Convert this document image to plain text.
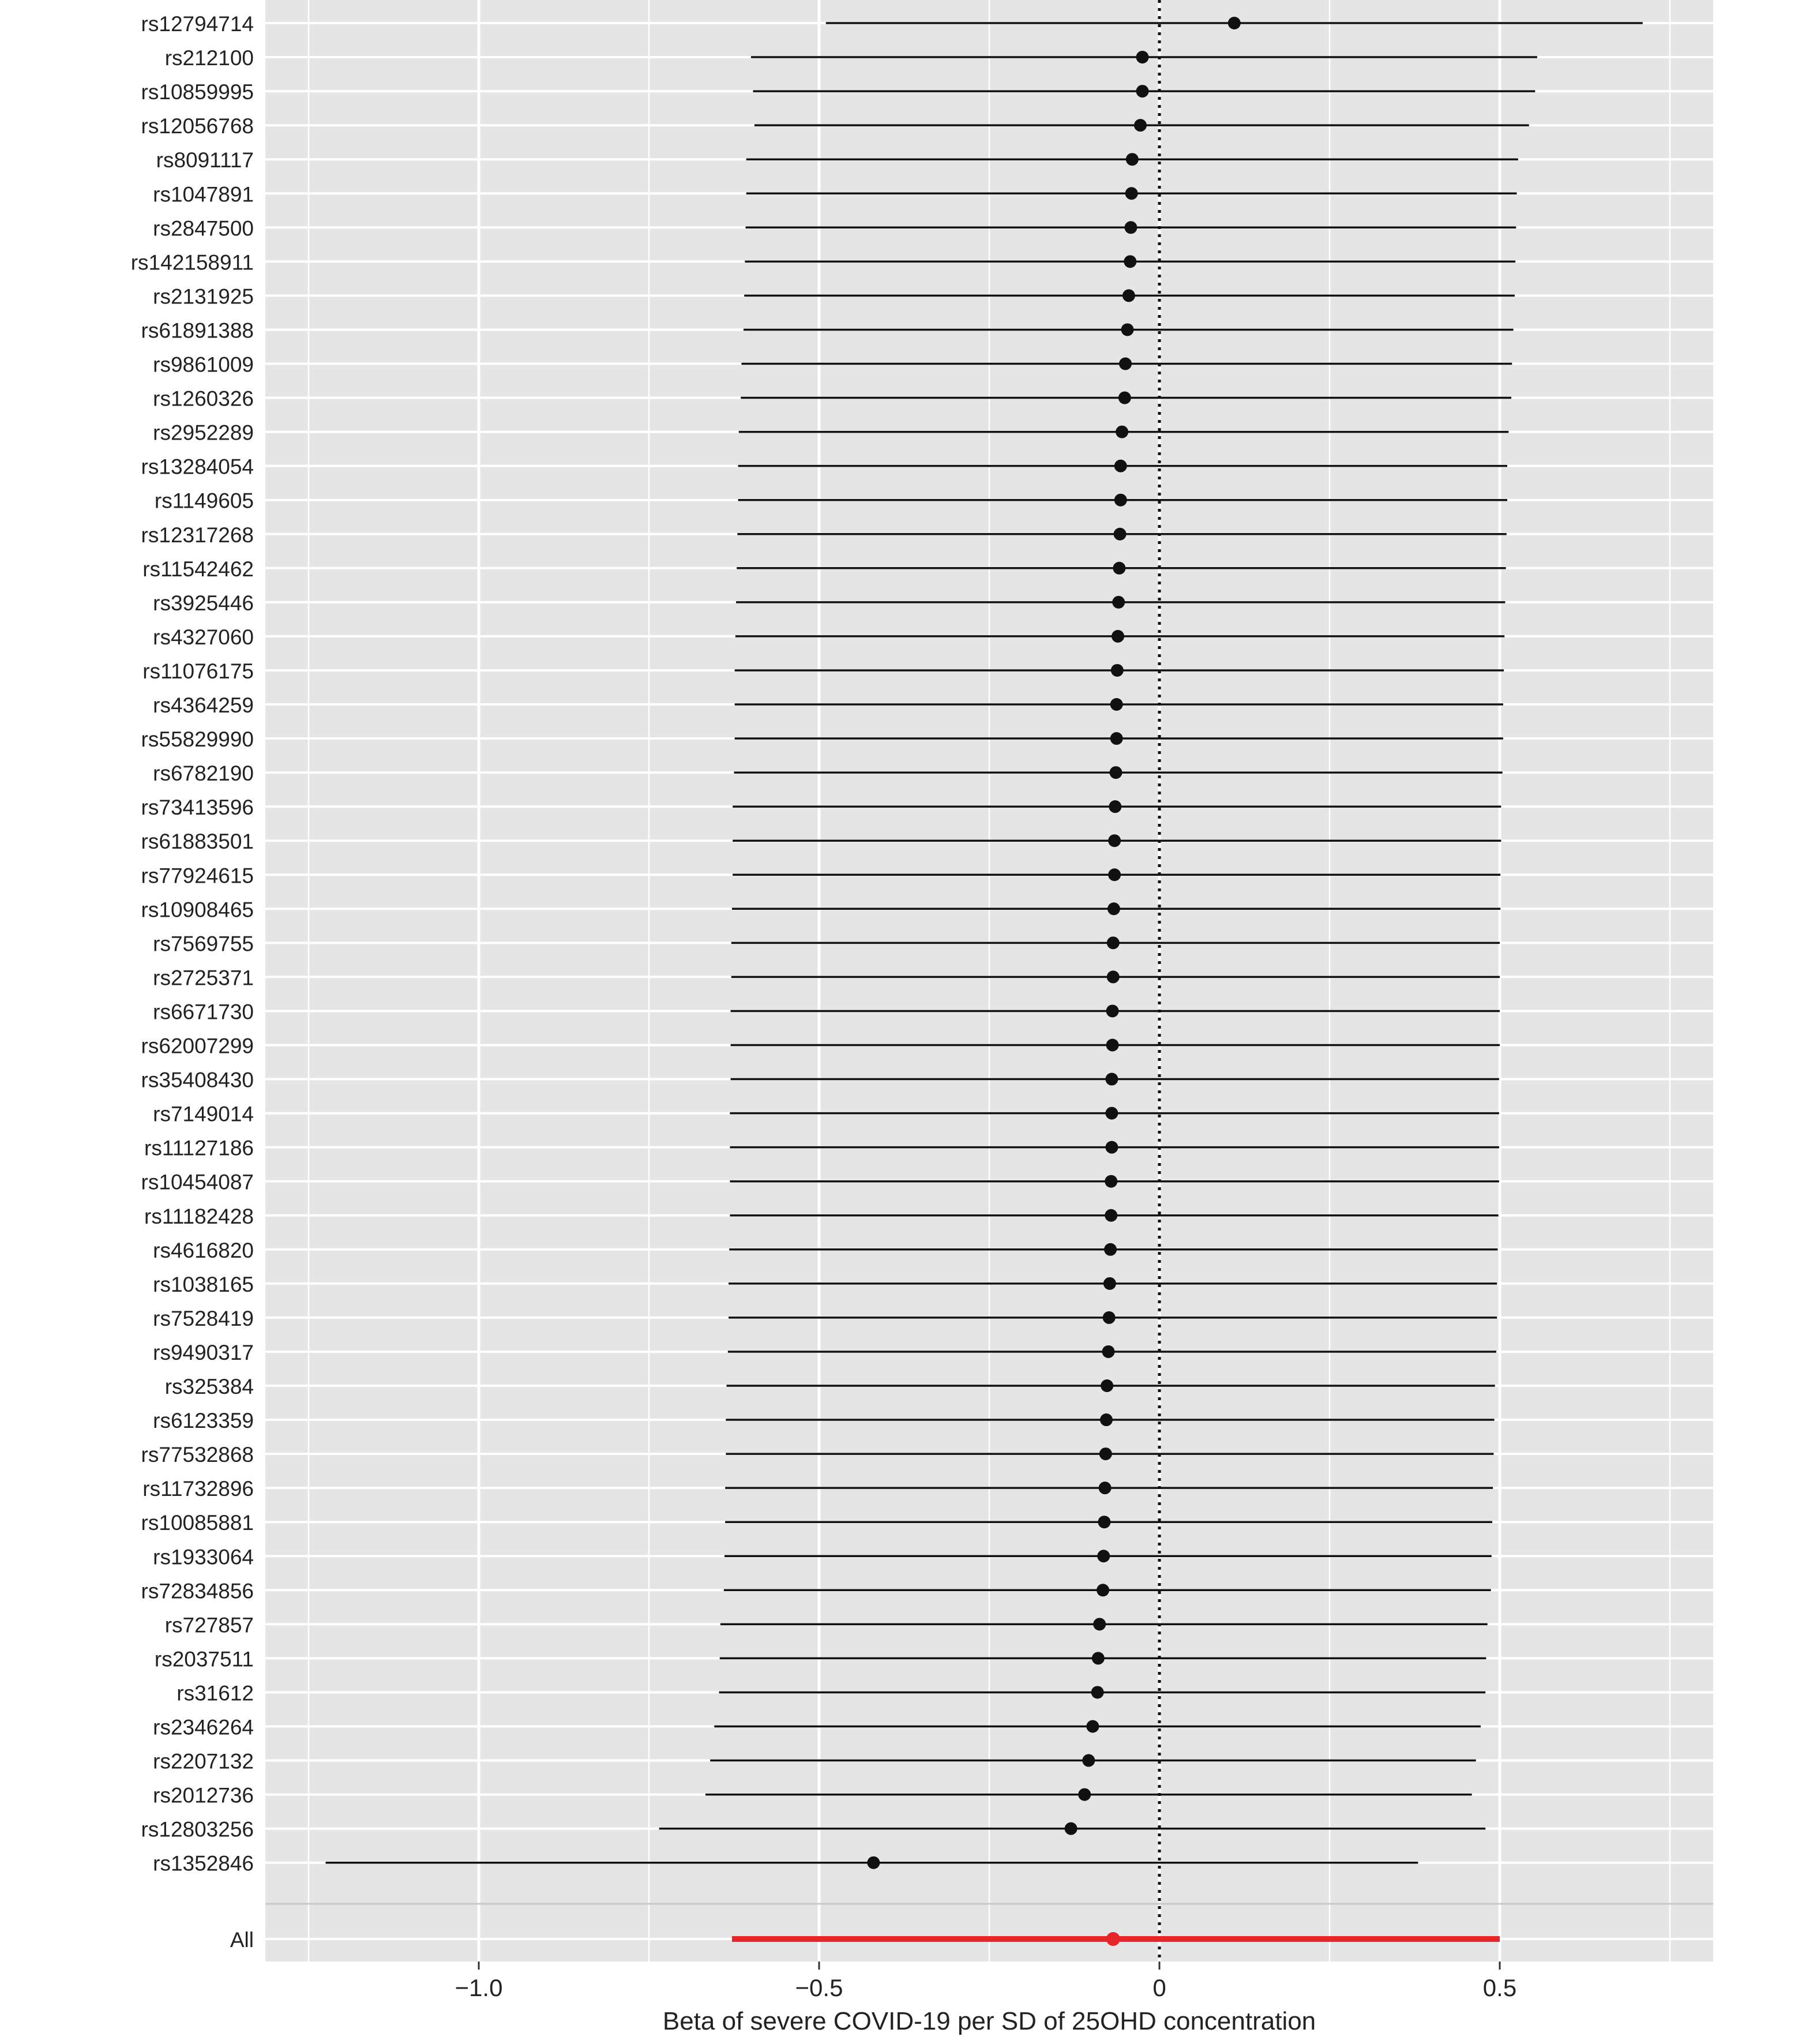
rs12794714
rs212100
rs10859995
rs12056768
rs8091117
rs1047891
rs2847500
rs142158911
rs2131925
rs61891388
rs9861009
rs1260326
rs2952289
rs13284054
rs1149605
rs12317268
rs11542462
rs3925446
rs4327060
rs11076175
rs4364259
rs55829990
rs6782190
rs73413596
rs61883501
rs77924615
rs10908465
rs7569755
rs2725371
rs6671730
rs62007299
rs35408430
rs7149014
rs11127186
rs10454087
rs11182428
rs4616820
rs1038165
rs7528419
rs9490317
rs325384
rs6123359
rs77532868
rs11732896
rs10085881
rs1933064
rs72834856
rs727857
rs2037511
rs31612
rs2346264
rs2207132
rs2012736
rs12803256
rs1352846
All
−1.0	−0.5	0	0.5
Beta of severe COVID-19 per SD of 25OHD concentration
